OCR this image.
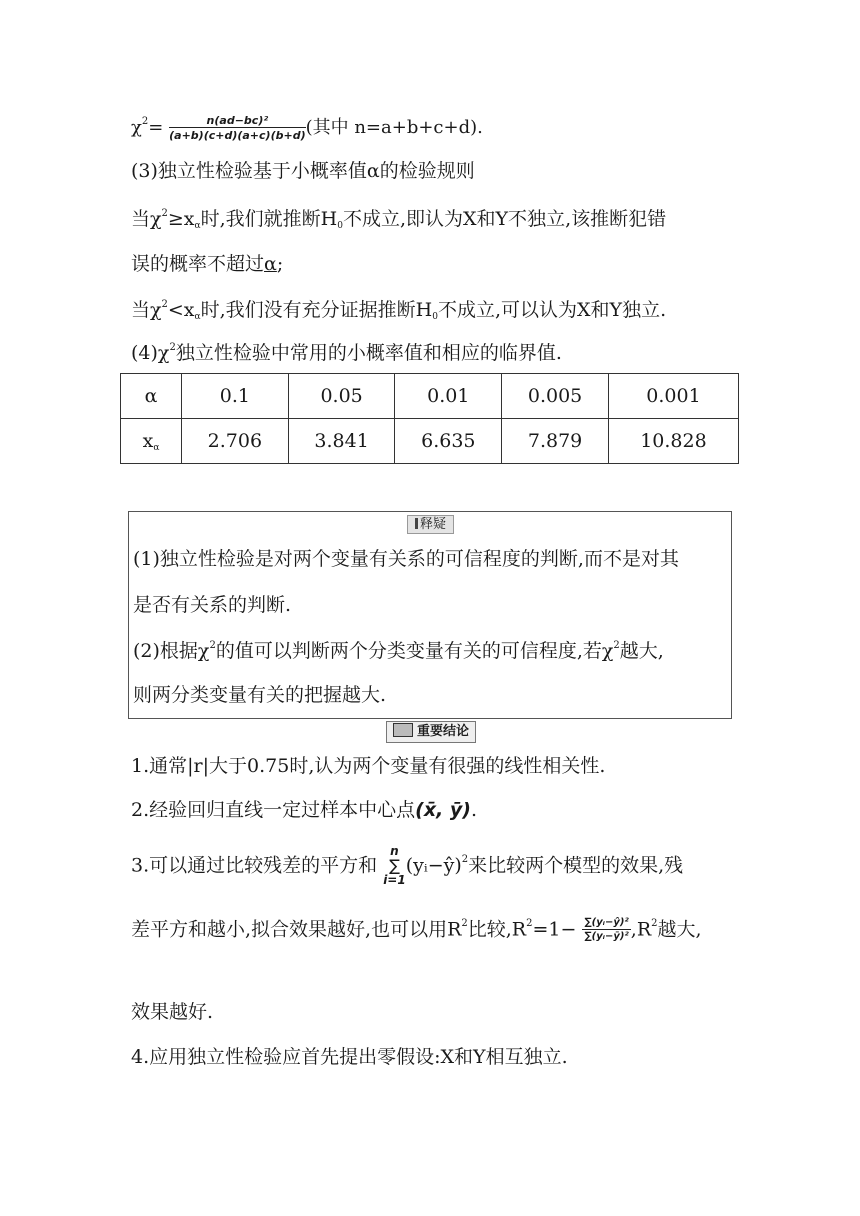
$\chi^2= \frac{\text{n(ad−bc)²}}{(a+b)(c+d)(a+c)(b+d)}$ (其中 n=a+b+c+d).
(3)独立性检验基于小概率值α的检验规则
当$\chi^2\ge x_\alpha$时,我们就推断$H_0$不成立,即认为X和Y不独立,该推断犯错
误的概率不超过α;
当$\chi^2<x_\alpha$时,我们没有充分证据推断$H_0$不成立,可以认为X和Y独立.
$(4)\chi^2$独立性检验中常用的小概率值和相应的临界值.
α	0.1	0.05	0.01	0.005	0.001
$x_\alpha$	2.706	3.841	6.635	7.879	10.828
释疑
(1)独立性检验是对两个变量有关系的可信程度的判断,而不是对其
是否有关系的判断.
(2)根据$\chi^2$的值可以判断两个分类变量有关的可信程度,若$\chi^2$越大,
则两分类变量有关的把握越大.
重要结论
1.通常|r|大于0.75时,认为两个变量有很强的线性相关性.
2.经验回归直线一定过样本中心点(x̄, ȳ).
3.可以通过比较残差的平方和
n
∑
i=1
(yᵢ−ŷ)$^2$来比较两个模型的效果,残
差平方和越小,拟合效果越好,也可以用$R^2$比较$,R^2=1- \frac{\text{∑(yᵢ−ŷ)²}}{\text{∑(yᵢ−ȳ)²}} ,R^2$越大,
效果越好.
4.应用独立性检验应首先提出零假设:X和Y相互独立.
